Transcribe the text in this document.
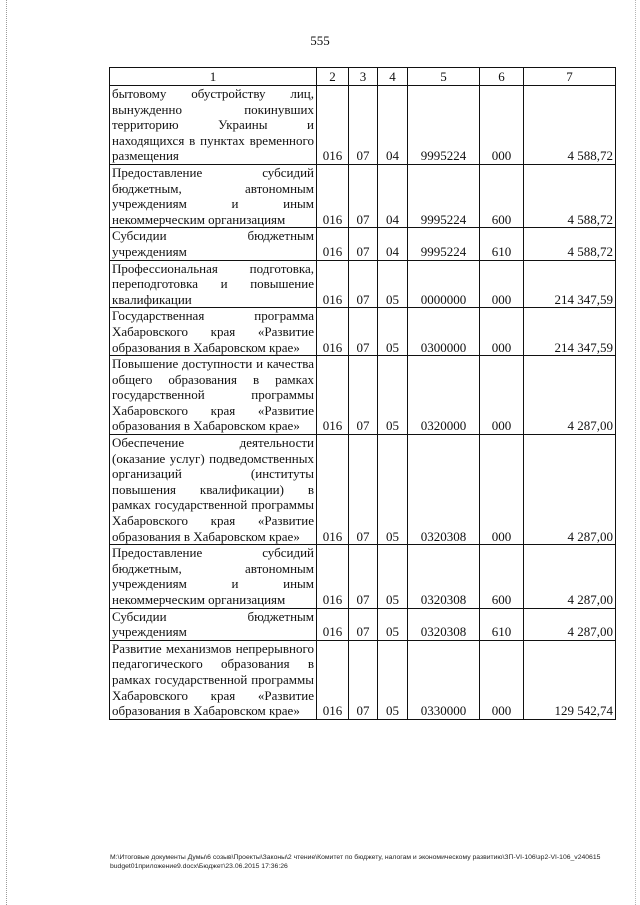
555
1	2	3	4	5	6	7
бытовому обустройству лиц, вынужденно покинувших территорию Украины и находящихся в пунктах временного размещения	016	07	04	9995224	000	4 588,72
Предоставление субсидий бюджетным, автономным учреждениям и иным некоммерческим организациям	016	07	04	9995224	600	4 588,72
Субсидии бюджетным учреждениям	016	07	04	9995224	610	4 588,72
Профессиональная подготовка, переподготовка и повышение квалификации	016	07	05	0000000	000	214 347,59
Государственная программа Хабаровского края «Развитие образования в Хабаровском крае»	016	07	05	0300000	000	214 347,59
Повышение доступности и качества общего образования в рамках государственной программы Хабаровского края «Развитие образования в Хабаровском крае»	016	07	05	0320000	000	4 287,00
Обеспечение деятельности (оказание услуг) подведомственных организаций (институты повышения квалификации) в рамках государственной программы Хабаровского края «Развитие образования в Хабаровском крае»	016	07	05	0320308	000	4 287,00
Предоставление субсидий бюджетным, автономным учреждениям и иным некоммерческим организациям	016	07	05	0320308	600	4 287,00
Субсидии бюджетным учреждениям	016	07	05	0320308	610	4 287,00
Развитие механизмов непрерывного педагогического образования в рамках государственной программы Хабаровского края «Развитие образования в Хабаровском крае»	016	07	05	0330000	000	129 542,74
M:\Итоговые документы Думы\6 созыв\Проекты\Законы\2 чтение\Комитет по бюджету, налогам и экономическому развитию\ЗП-VI-106\зр2-VI-106_v240615 budget01приложение9.docx\Бюджет\23.06.2015 17:36:26
